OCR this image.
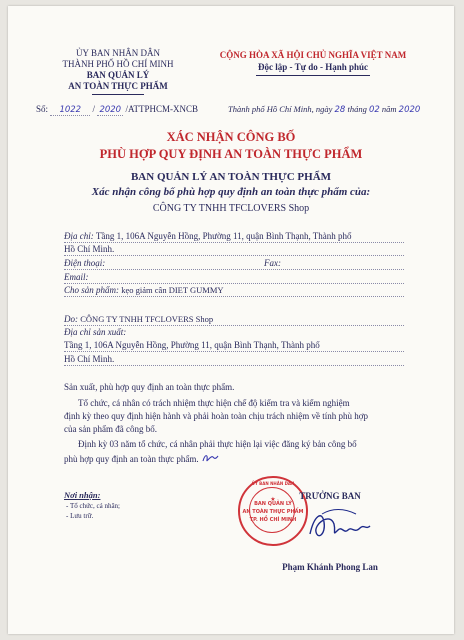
ỦY BAN NHÂN DÂN
THÀNH PHỐ HỒ CHÍ MINH
BAN QUẢN LÝ
AN TOÀN THỰC PHẨM
CỘNG HÒA XÃ HỘI CHỦ NGHĨA VIỆT NAM
Độc lập - Tự do - Hạnh phúc
Số: 1022 / 2020 /ATTPHCM-XNCB	Thành phố Hồ Chí Minh, ngày 28 tháng 02 năm 2020
XÁC NHẬN CÔNG BỐ
PHÙ HỢP QUY ĐỊNH AN TOÀN THỰC PHẨM
BAN QUẢN LÝ AN TOÀN THỰC PHẨM
Xác nhận công bố phù hợp quy định an toàn thực phẩm của:
CÔNG TY TNHH TFCLOVERS Shop
Địa chỉ: Tầng 1, 106A Nguyễn Hồng, Phường 11, quận Bình Thạnh, Thành phố
Hồ Chí Minh.
Điện thoại:	Fax:
Email:
Cho sản phẩm: kẹo giảm cân DIET GUMMY
Do: CÔNG TY TNHH TFCLOVERS Shop
Địa chỉ sản xuất:
Tầng 1, 106A Nguyễn Hồng, Phường 11, quận Bình Thạnh, Thành phố
Hồ Chí Minh.
Sản xuất, phù hợp quy định an toàn thực phẩm.
Tổ chức, cá nhân có trách nhiệm thực hiện chế độ kiểm tra và kiểm nghiệm
định kỳ theo quy định hiện hành và phải hoàn toàn chịu trách nhiệm về tính phù hợp
của sản phẩm đã công bố.
Định kỳ 03 năm tổ chức, cá nhân phải thực hiện lại việc đăng ký bản công bố
phù hợp quy định an toàn thực phẩm.
Nơi nhận:
- Tổ chức, cá nhân;
- Lưu trữ.
ỦY BAN NHÂN DÂN
BAN QUẢN LÝ
AN TOÀN THỰC PHẨM
TP. HỒ CHÍ MINH
★	TRƯỞNG BAN
Phạm Khánh Phong Lan
